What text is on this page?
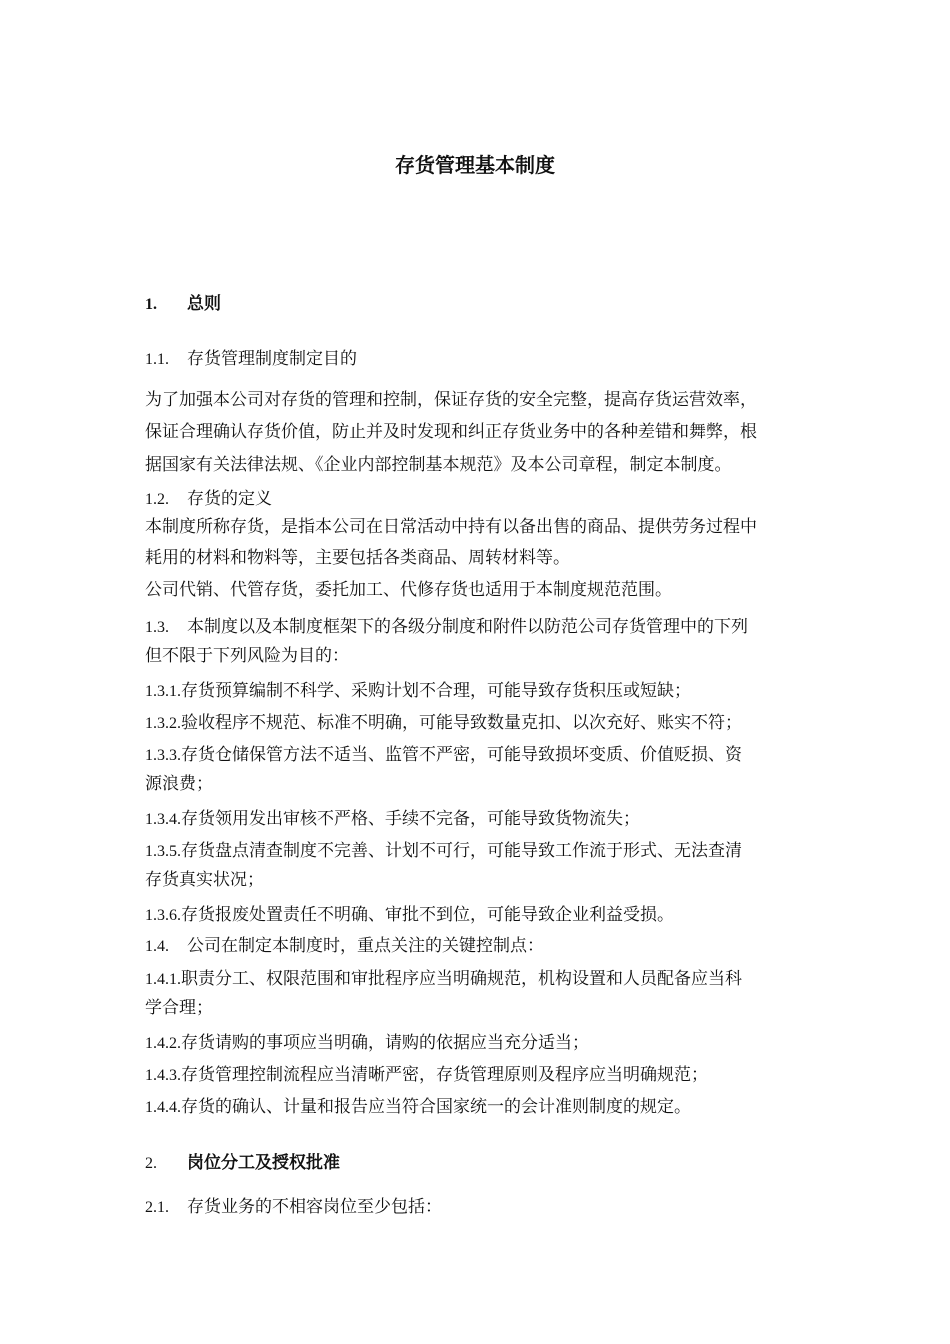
存货管理基本制度
1. 总则
1.1. 存货管理制度制定目的
为了加强本公司对存货的管理和控制，保证存货的安全完整，提高存货运营效率，
保证合理确认存货价值，防止并及时发现和纠正存货业务中的各种差错和舞弊，根
据国家有关法律法规、《企业内部控制基本规范》及本公司章程，制定本制度。
1.2. 存货的定义
本制度所称存货，是指本公司在日常活动中持有以备出售的商品、提供劳务过程中
耗用的材料和物料等，主要包括各类商品、周转材料等。
公司代销、代管存货，委托加工、代修存货也适用于本制度规范范围。
1.3. 本制度以及本制度框架下的各级分制度和附件以防范公司存货管理中的下列
但不限于下列风险为目的：
1.3.1.存货预算编制不科学、采购计划不合理，可能导致存货积压或短缺；
1.3.2.验收程序不规范、标准不明确，可能导致数量克扣、以次充好、账实不符；
1.3.3.存货仓储保管方法不适当、监管不严密，可能导致损坏变质、价值贬损、资
源浪费；
1.3.4.存货领用发出审核不严格、手续不完备，可能导致货物流失；
1.3.5.存货盘点清查制度不完善、计划不可行，可能导致工作流于形式、无法查清
存货真实状况；
1.3.6.存货报废处置责任不明确、审批不到位，可能导致企业利益受损。
1.4. 公司在制定本制度时，重点关注的关键控制点：
1.4.1.职责分工、权限范围和审批程序应当明确规范，机构设置和人员配备应当科
学合理；
1.4.2.存货请购的事项应当明确，请购的依据应当充分适当；
1.4.3.存货管理控制流程应当清晰严密，存货管理原则及程序应当明确规范；
1.4.4.存货的确认、计量和报告应当符合国家统一的会计准则制度的规定。
2. 岗位分工及授权批准
2.1. 存货业务的不相容岗位至少包括：
